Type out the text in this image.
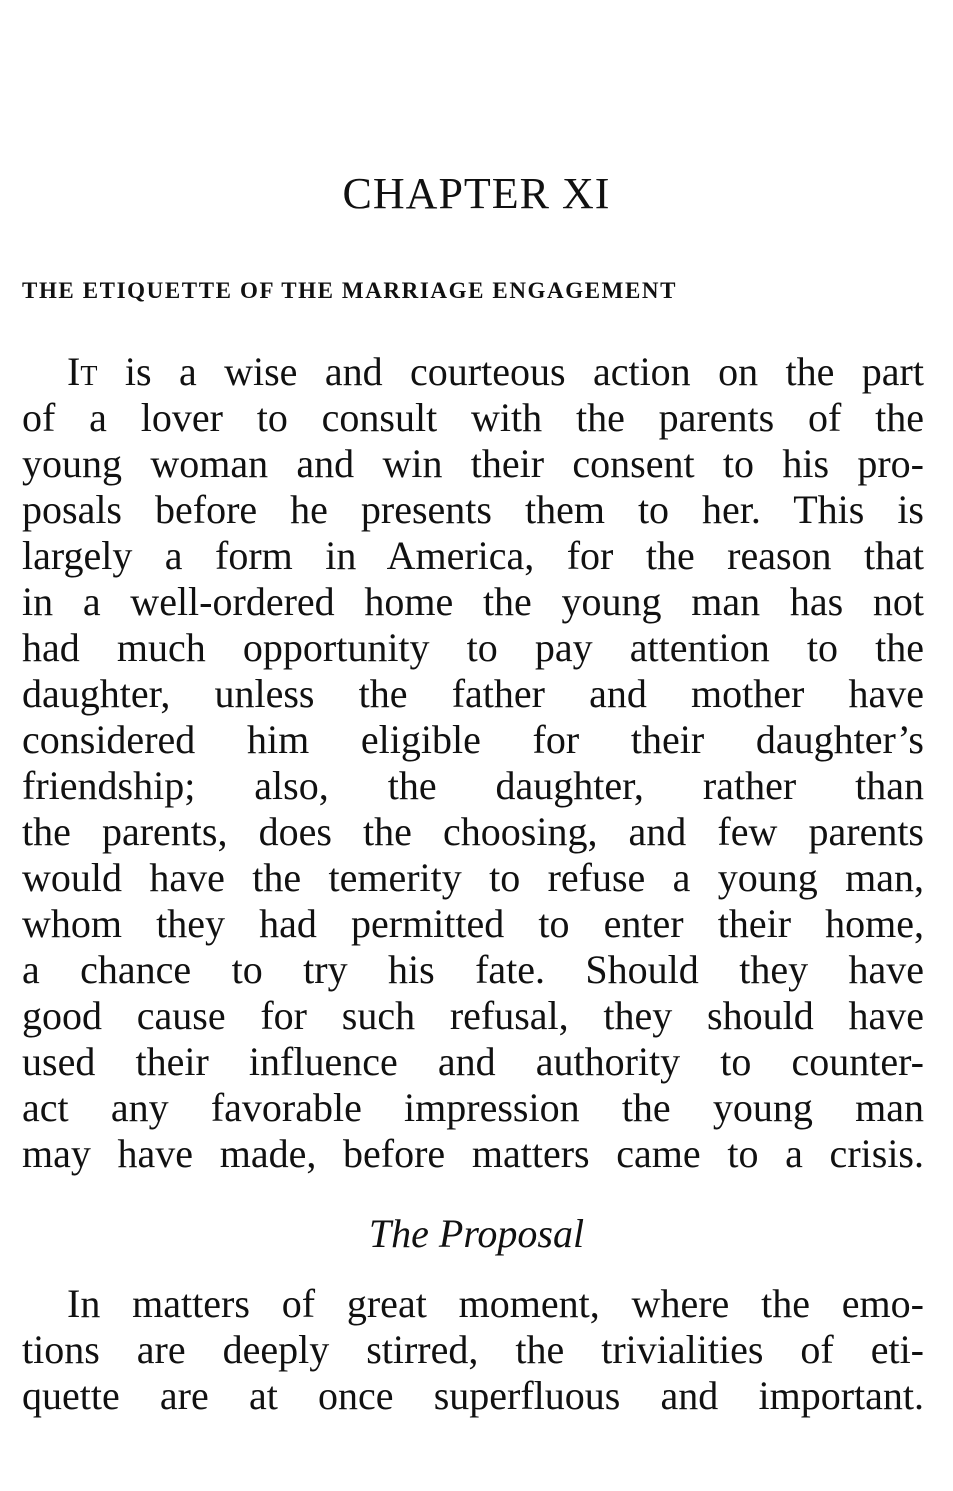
CHAPTER XI
THE ETIQUETTE OF THE MARRIAGE ENGAGEMENT
It is a wise and courteous action on the part
of a lover to consult with the parents of the
young woman and win their consent to his pro-
posals before he presents them to her. This is
largely a form in America, for the reason that
in a well-ordered home the young man has not
had much opportunity to pay attention to the
daughter, unless the father and mother have
considered him eligible for their daughter’s
friendship; also, the daughter, rather than
the parents, does the choosing, and few parents
would have the temerity to refuse a young man,
whom they had permitted to enter their home,
a chance to try his fate. Should they have
good cause for such refusal, they should have
used their influence and authority to counter-
act any favorable impression the young man
may have made, before matters came to a crisis.
The Proposal
In matters of great moment, where the emo-
tions are deeply stirred, the trivialities of eti-
quette are at once superfluous and important.
